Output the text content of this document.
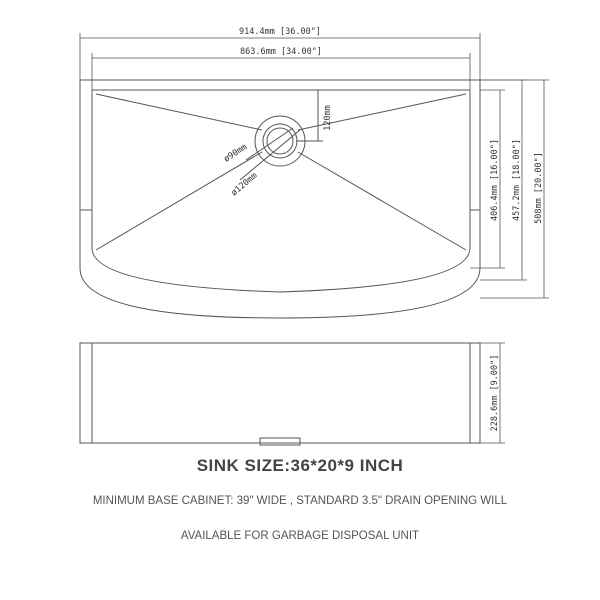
914.4mm [36.00"]
863.6mm [34.00"]
ø90mm
ø120mm
120mm
406.4mm [16.00"] 457.2mm [18.00"] 508mm [20.00"]
228.6mm [9.00"]
SINK SIZE:36*20*9 INCH
MINIMUM BASE CABINET: 39" WIDE , STANDARD 3.5" DRAIN OPENING WILL
AVAILABLE FOR GARBAGE DISPOSAL UNIT
